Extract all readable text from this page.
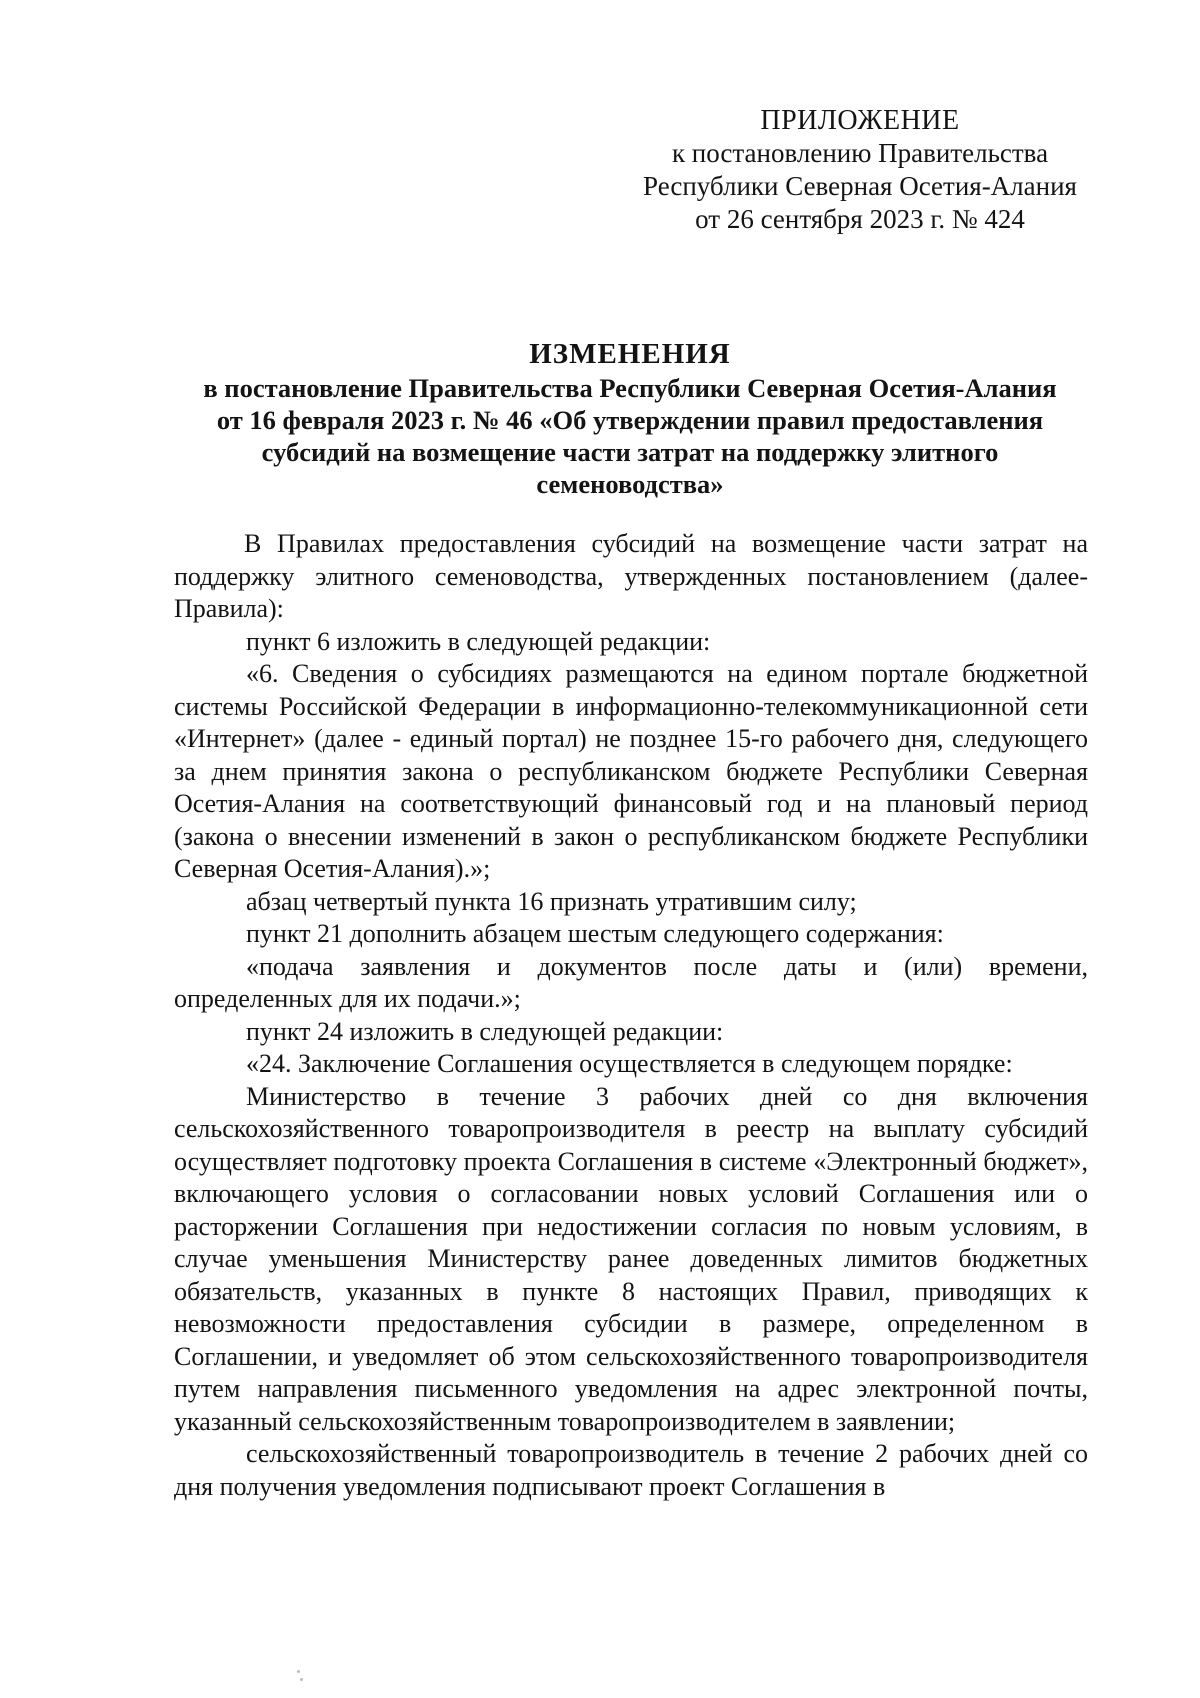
ПРИЛОЖЕНИЕ
к постановлению Правительства
Республики Северная Осетия-Алания
от 26 сентября 2023 г. № 424
ИЗМЕНЕНИЯ
в постановление Правительства Республики Северная Осетия-Алания
от 16 февраля 2023 г. № 46 «Об утверждении правил предоставления
субсидий на возмещение части затрат на поддержку элитного
семеноводства»

В Правилах предоставления субсидий на возмещение части затрат на поддержку элитного семеноводства, утвержденных постановлением (далее-Правила):

пункт 6 изложить в следующей редакции:

«6. Сведения о субсидиях размещаются на едином портале бюджетной системы Российской Федерации в информационно-телекоммуникационной сети «Интернет» (далее - единый портал) не позднее 15-го рабочего дня, следующего за днем принятия закона о республиканском бюджете Республики Северная Осетия-Алания на соответствующий финансовый год и на плановый период (закона о внесении изменений в закон о республиканском бюджете Республики Северная Осетия-Алания).»;

абзац четвертый пункта 16 признать утратившим силу;

пункт 21 дополнить абзацем шестым следующего содержания:

«подача заявления и документов после даты и (или) времени, определенных для их подачи.»;

пункт 24 изложить в следующей редакции:

«24. Заключение Соглашения осуществляется в следующем порядке:

Министерство в течение 3 рабочих дней со дня включения сельскохозяйственного товаропроизводителя в реестр на выплату субсидий осуществляет подготовку проекта Соглашения в системе «Электронный бюджет», включающего условия о согласовании новых условий Соглашения или о расторжении Соглашения при недостижении согласия по новым условиям, в случае уменьшения Министерству ранее доведенных лимитов бюджетных обязательств, указанных в пункте 8 настоящих Правил, приводящих к невозможности предоставления субсидии в размере, определенном в Соглашении, и уведомляет об этом сельскохозяйственного товаропроизводителя путем направления письменного уведомления на адрес электронной почты, указанный сельскохозяйственным товаропроизводителем в заявлении;

сельскохозяйственный товаропроизводитель в течение 2 рабочих дней со дня получения уведомления подписывают проект Соглашения в
